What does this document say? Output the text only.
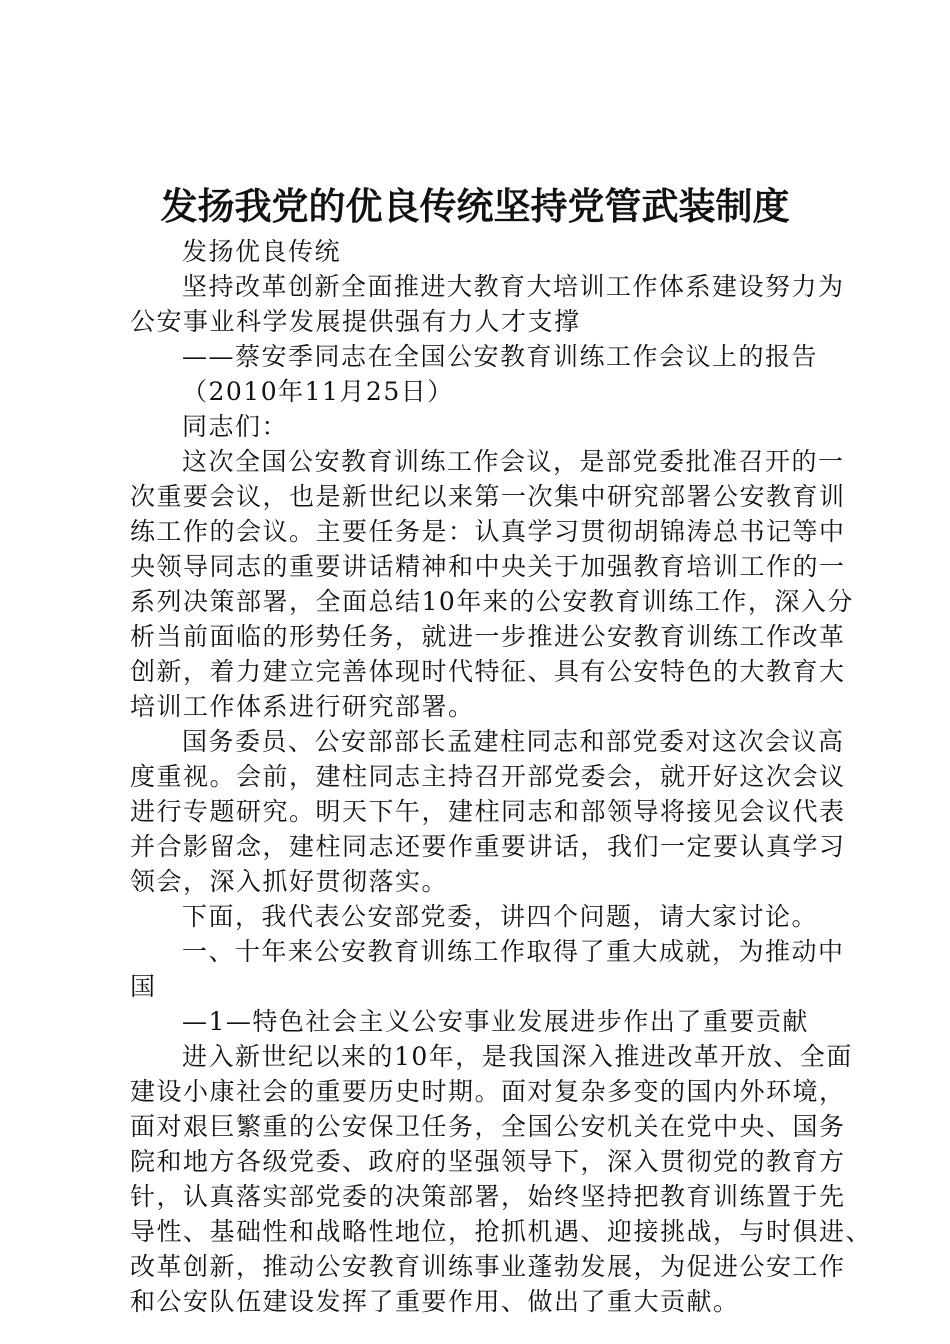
发扬我党的优良传统坚持党管武装制度

发扬优良传统

坚持改革创新全面推进大教育大培训工作体系建设努力为
公安事业科学发展提供强有力人才支撑

——蔡安季同志在全国公安教育训练工作会议上的报告

（2010年11月25日）

同志们：

这次全国公安教育训练工作会议，是部党委批准召开的一
次重要会议，也是新世纪以来第一次集中研究部署公安教育训
练工作的会议。主要任务是：认真学习贯彻胡锦涛总书记等中
央领导同志的重要讲话精神和中央关于加强教育培训工作的一
系列决策部署，全面总结10年来的公安教育训练工作，深入分
析当前面临的形势任务，就进一步推进公安教育训练工作改革
创新，着力建立完善体现时代特征、具有公安特色的大教育大
培训工作体系进行研究部署。

国务委员、公安部部长孟建柱同志和部党委对这次会议高
度重视。会前，建柱同志主持召开部党委会，就开好这次会议
进行专题研究。明天下午，建柱同志和部领导将接见会议代表
并合影留念，建柱同志还要作重要讲话，我们一定要认真学习
领会，深入抓好贯彻落实。

下面，我代表公安部党委，讲四个问题，请大家讨论。

一、十年来公安教育训练工作取得了重大成就，为推动中
国

—1—特色社会主义公安事业发展进步作出了重要贡献

进入新世纪以来的10年，是我国深入推进改革开放、全面
建设小康社会的重要历史时期。面对复杂多变的国内外环境，
面对艰巨繁重的公安保卫任务，全国公安机关在党中央、国务
院和地方各级党委、政府的坚强领导下，深入贯彻党的教育方
针，认真落实部党委的决策部署，始终坚持把教育训练置于先
导性、基础性和战略性地位，抢抓机遇、迎接挑战，与时俱进、
改革创新，推动公安教育训练事业蓬勃发展，为促进公安工作
和公安队伍建设发挥了重要作用、做出了重大贡献。
